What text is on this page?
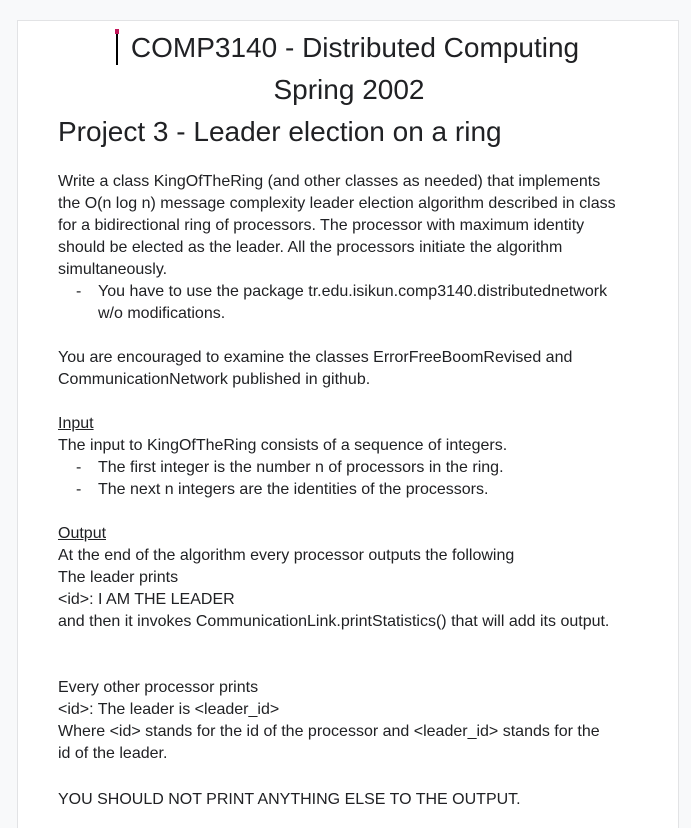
COMP3140 - Distributed Computing
Spring 2002
Project 3 - Leader election on a ring
Write a class KingOfTheRing (and other classes as needed) that implements
the O(n log n) message complexity leader election algorithm described in class
for a bidirectional ring of processors. The processor with maximum identity
should be elected as the leader. All the processors initiate the algorithm
simultaneously.
- You have to use the package tr.edu.isikun.comp3140.distributednetwork
w/o modifications.
You are encouraged to examine the classes ErrorFreeBoomRevised and
CommunicationNetwork published in github.
Input
The input to KingOfTheRing consists of a sequence of integers.
- The first integer is the number n of processors in the ring.
- The next n integers are the identities of the processors.
Output
At the end of the algorithm every processor outputs the following
The leader prints
<id>: I AM THE LEADER
and then it invokes CommunicationLink.printStatistics() that will add its output.
Every other processor prints
<id>: The leader is <leader_id>
Where <id> stands for the id of the processor and <leader_id> stands for the
id of the leader.
YOU SHOULD NOT PRINT ANYTHING ELSE TO THE OUTPUT.
